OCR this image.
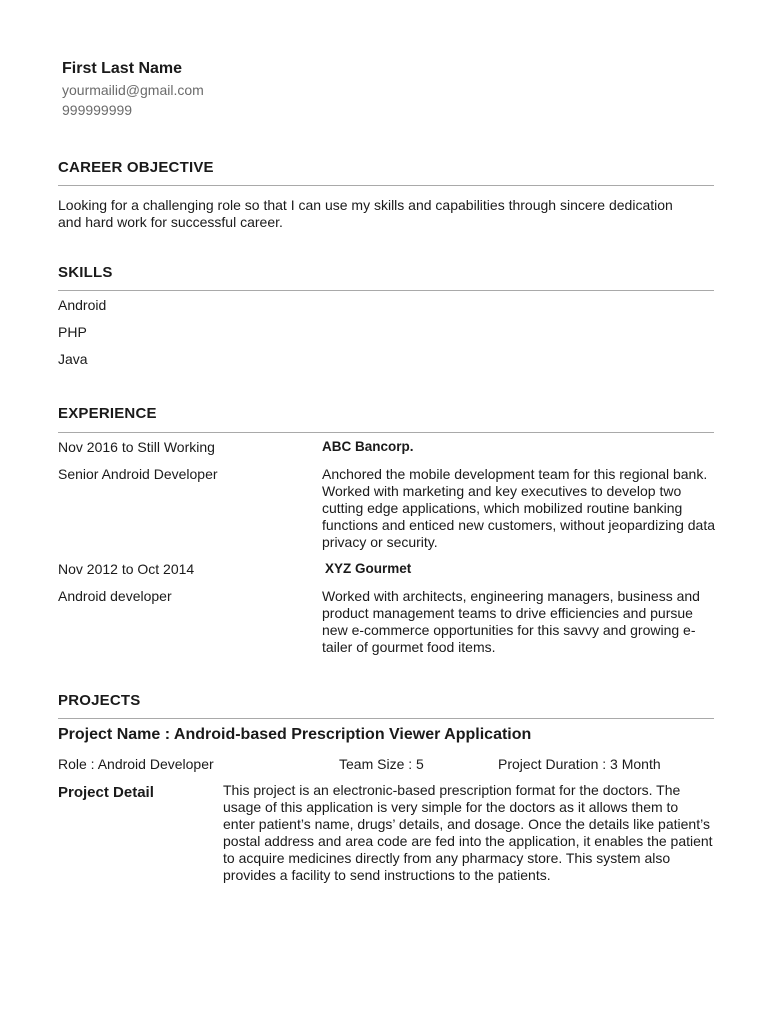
First Last Name
yourmailid@gmail.com
999999999
CAREER OBJECTIVE
Looking for a challenging role so that I can use my skills and capabilities through sincere dedication and hard work for successful career.
SKILLS
Android
PHP
Java
EXPERIENCE
Nov 2016 to Still Working	ABC Bancorp.
Senior Android Developer	Anchored the mobile development team for this regional bank. Worked with marketing and key executives to develop two cutting edge applications, which mobilized routine banking functions and enticed new customers, without jeopardizing data privacy or security.
Nov 2012 to Oct 2014	XYZ Gourmet
Android developer	Worked with architects, engineering managers, business and product management teams to drive efficiencies and pursue new e-commerce opportunities for this savvy and growing e-tailer of gourmet food items.
PROJECTS
Project Name : Android-based Prescription Viewer Application
Role : Android Developer	Team Size : 5	Project Duration : 3 Month
Project Detail	This project is an electronic-based prescription format for the doctors. The usage of this application is very simple for the doctors as it allows them to enter patient’s name, drugs’ details, and dosage. Once the details like patient’s postal address and area code are fed into the application, it enables the patient to acquire medicines directly from any pharmacy store. This system also provides a facility to send instructions to the patients.
